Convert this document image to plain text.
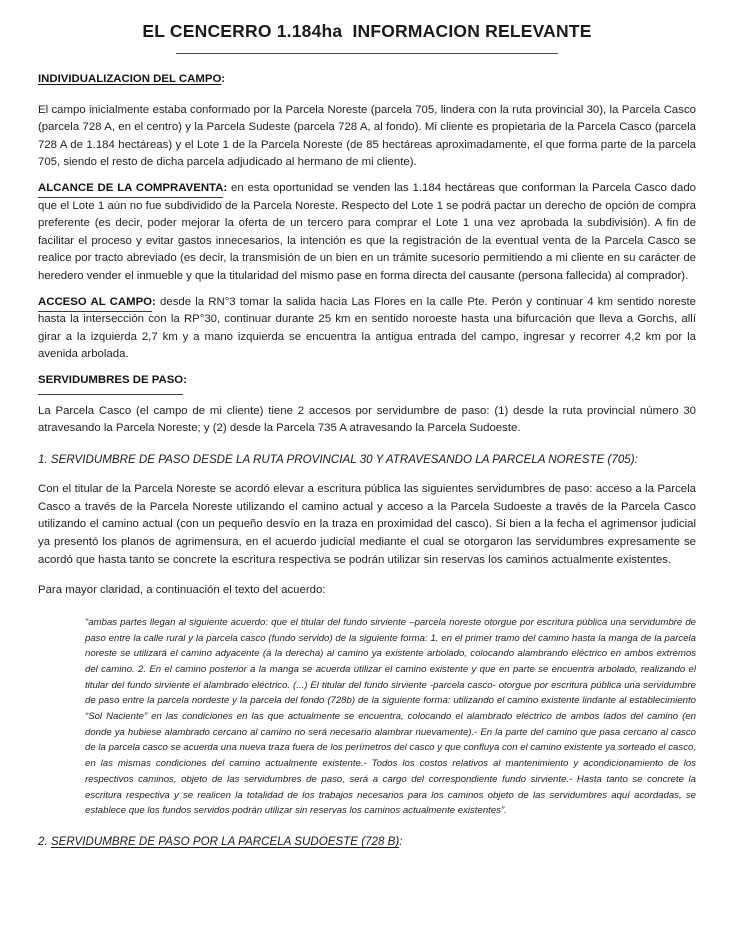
EL CENCERRO 1.184ha  INFORMACION RELEVANTE
INDIVIDUALIZACION DEL CAMPO:
El campo inicialmente estaba conformado por la Parcela Noreste (parcela 705, lindera con la ruta provincial 30), la Parcela Casco (parcela 728 A, en el centro) y la Parcela Sudeste (parcela 728 A, al fondo). Mi cliente es propietaria de la Parcela Casco (parcela 728 A de 1.184 hectáreas) y el Lote 1 de la Parcela Noreste (de 85 hectáreas aproximadamente, el que forma parte de la parcela 705, siendo el resto de dicha parcela adjudicado al hermano de mi cliente).
ALCANCE DE LA COMPRAVENTA: en esta oportunidad se venden las 1.184 hectáreas que conforman la Parcela Casco dado que el Lote 1 aún no fue subdividido de la Parcela Noreste. Respecto del Lote 1 se podrá pactar un derecho de opción de compra preferente (es decir, poder mejorar la oferta de un tercero para comprar el Lote 1 una vez aprobada la subdivisión). A fin de facilitar el proceso y evitar gastos innecesarios, la intención es que la registración de la eventual venta de la Parcela Casco se realice por tracto abreviado (es decir, la transmisión de un bien en un trámite sucesorio permitiendo a mi cliente en su carácter de heredero vender el inmueble y que la titularidad del mismo pase en forma directa del causante (persona fallecida) al comprador).
ACCESO AL CAMPO: desde la RN°3 tomar la salida hacia Las Flores en la calle Pte. Perón y continuar 4 km sentido noreste hasta la intersección con la RP°30, continuar durante 25 km en sentido noroeste hasta una bifurcación que lleva a Gorchs, allí girar a la izquierda 2,7 km y a mano izquierda se encuentra la antigua entrada del campo, ingresar y recorrer 4,2 km por la avenida arbolada.
SERVIDUMBRES DE PASO:
La Parcela Casco (el campo de mi cliente) tiene 2 accesos por servidumbre de paso: (1) desde la ruta provincial número 30 atravesando la Parcela Noreste; y (2) desde la Parcela 735 A atravesando la Parcela Sudoeste.
1. SERVIDUMBRE DE PASO DESDE LA RUTA PROVINCIAL 30 Y ATRAVESANDO LA PARCELA NORESTE (705):
Con el titular de la Parcela Noreste se acordó elevar a escritura pública las siguientes servidumbres de paso: acceso a la Parcela Casco a través de la Parcela Noreste utilizando el camino actual y acceso a la Parcela Sudoeste a través de la Parcela Casco utilizando el camino actual (con un pequeño desvío en la traza en proximidad del casco). Si bien a la fecha el agrimensor judicial ya presentó los planos de agrimensura, en el acuerdo judicial mediante el cual se otorgaron las servidumbres expresamente se acordó que hasta tanto se concrete la escritura respectiva se podrán utilizar sin reservas los caminos actualmente existentes.
Para mayor claridad, a continuación el texto del acuerdo:
“ambas partes llegan al siguiente acuerdo: que el titular del fundo sirviente –parcela noreste otorgue por escritura pública una servidumbre de paso entre la calle rural y la parcela casco (fundo servido) de la siguiente forma: 1. en el primer tramo del camino hasta la manga de la parcela noreste se utilizará el camino adyacente (a la derecha) al camino ya existente arbolado, colocando alambrando eléctrico en ambos extremos del camino. 2. En el camino posterior a la manga se acuerda utilizar el camino existente y que en parte se encuentra arbolado, realizando el titular del fundo sirviente el alambrado eléctrico. (...) El titular del fundo sirviente -parcela casco- otorgue por escritura pública una servidumbre de paso entre la parcela nordeste y la parcela del fondo (728b) de la siguiente forma: utilizando el camino existente lindante al establecimiento “Sol Naciente” en las condiciones en las que actualmente se encuentra, colocando el alambrado eléctrico de ambos lados del camino (en donde ya hubiese alambrado cercano al camino no será necesario alambrar nuevamente).- En la parte del camino que pasa cercano al casco de la parcela casco se acuerda una nueva traza fuera de los perímetros del casco y que confluya con el camino existente ya sorteado el casco, en las mismas condiciones del camino actualmente existente.- Todos los costos relativos al mantenimiento y acondicionamiento de los respectivos caminos, objeto de las servidumbres de paso, será a cargo del correspondiente fundo sirviente.- Hasta tanto se concrete la escritura respectiva y se realicen la totalidad de los trabajos necesarios para los caminos objeto de las servidumbres aquí acordadas, se establece que los fundos servidos podrán utilizar sin reservas los caminos actualmente existentes”.
2. SERVIDUMBRE DE PASO POR LA PARCELA SUDOESTE (728 B):
